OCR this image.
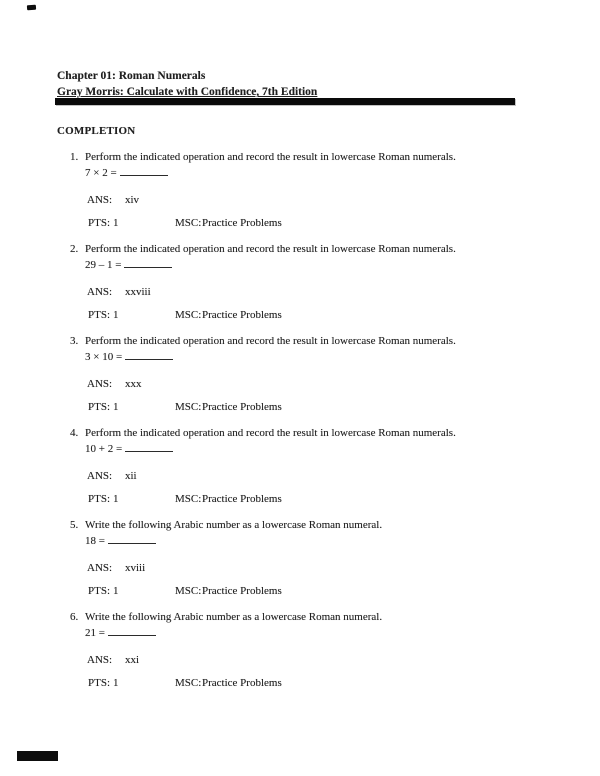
Chapter 01: Roman Numerals
Gray Morris: Calculate with Confidence, 7th Edition
COMPLETION
1. Perform the indicated operation and record the result in lowercase Roman numerals.
7 × 2 =
ANS: xiv
PTS: 1	MSC:Practice Problems
2. Perform the indicated operation and record the result in lowercase Roman numerals.
29 – 1 =
ANS: xxviii
PTS: 1	MSC:Practice Problems
3. Perform the indicated operation and record the result in lowercase Roman numerals.
3 × 10 =
ANS: xxx
PTS: 1	MSC:Practice Problems
4. Perform the indicated operation and record the result in lowercase Roman numerals.
10 + 2 =
ANS: xii
PTS: 1	MSC:Practice Problems
5. Write the following Arabic number as a lowercase Roman numeral.
18 =
ANS: xviii
PTS: 1	MSC:Practice Problems
6. Write the following Arabic number as a lowercase Roman numeral.
21 =
ANS: xxi
PTS: 1	MSC:Practice Problems
